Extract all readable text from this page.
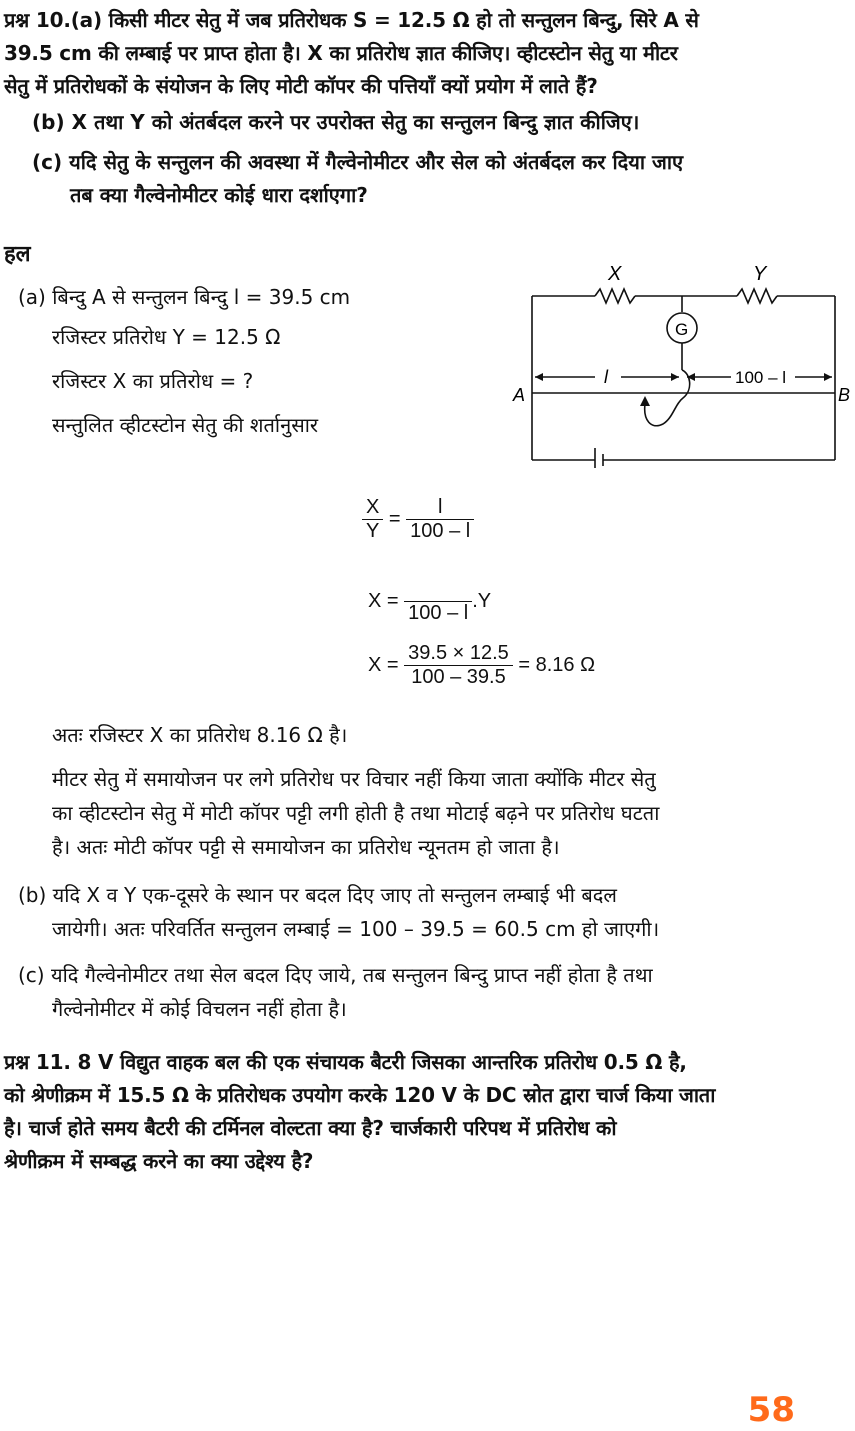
प्रश्न 10.(a) किसी मीटर सेतु में जब प्रतिरोधक S = 12.5 Ω हो तो सन्तुलन बिन्दु, सिरे A से
39.5 cm की लम्बाई पर प्राप्त होता है। X का प्रतिरोध ज्ञात कीजिए। व्हीटस्टोन सेतु या मीटर
सेतु में प्रतिरोधकों के संयोजन के लिए मोटी कॉपर की पत्तियाँ क्यों प्रयोग में लाते हैं?
(b) X तथा Y को अंतर्बदल करने पर उपरोक्त सेतु का सन्तुलन बिन्दु ज्ञात कीजिए।
(c) यदि सेतु के सन्तुलन की अवस्था में गैल्वेनोमीटर और सेल को अंतर्बदल कर दिया जाए
तब क्या गैल्वेनोमीटर कोई धारा दर्शाएगा?
हल
(a) बिन्दु A से सन्तुलन बिन्दु l = 39.5 cm
रजिस्टर प्रतिरोध Y = 12.5 Ω
रजिस्टर X का प्रतिरोध = ?
सन्तुलित व्हीटस्टोन सेतु की शर्तानुसार
X	Y
G
A	B
l	100 – l
$\frac{X}{Y} = \frac{l}{100 - l}$
X =

100 – l
.Y
$X = \frac{39.5 \times 12.5}{100 - 39.5} = 8.16$ Ω
अतः रजिस्टर X का प्रतिरोध 8.16 Ω है।
मीटर सेतु में समायोजन पर लगे प्रतिरोध पर विचार नहीं किया जाता क्योंकि मीटर सेतु
का व्हीटस्टोन सेतु में मोटी कॉपर पट्टी लगी होती है तथा मोटाई बढ़ने पर प्रतिरोध घटता
है। अतः मोटी कॉपर पट्टी से समायोजन का प्रतिरोध न्यूनतम हो जाता है।
(b) यदि X व Y एक-दूसरे के स्थान पर बदल दिए जाए तो सन्तुलन लम्बाई भी बदल
जायेगी। अतः परिवर्तित सन्तुलन लम्बाई = 100 – 39.5 = 60.5 cm हो जाएगी।
(c) यदि गैल्वेनोमीटर तथा सेल बदल दिए जाये, तब सन्तुलन बिन्दु प्राप्त नहीं होता है तथा
गैल्वेनोमीटर में कोई विचलन नहीं होता है।
प्रश्न 11. 8 V विद्युत वाहक बल की एक संचायक बैटरी जिसका आन्तरिक प्रतिरोध 0.5 Ω है,
को श्रेणीक्रम में 15.5 Ω के प्रतिरोधक उपयोग करके 120 V के DC स्रोत द्वारा चार्ज किया जाता
है। चार्ज होते समय बैटरी की टर्मिनल वोल्टता क्या है? चार्जकारी परिपथ में प्रतिरोध को
श्रेणीक्रम में सम्बद्ध करने का क्या उद्देश्य है?
58
